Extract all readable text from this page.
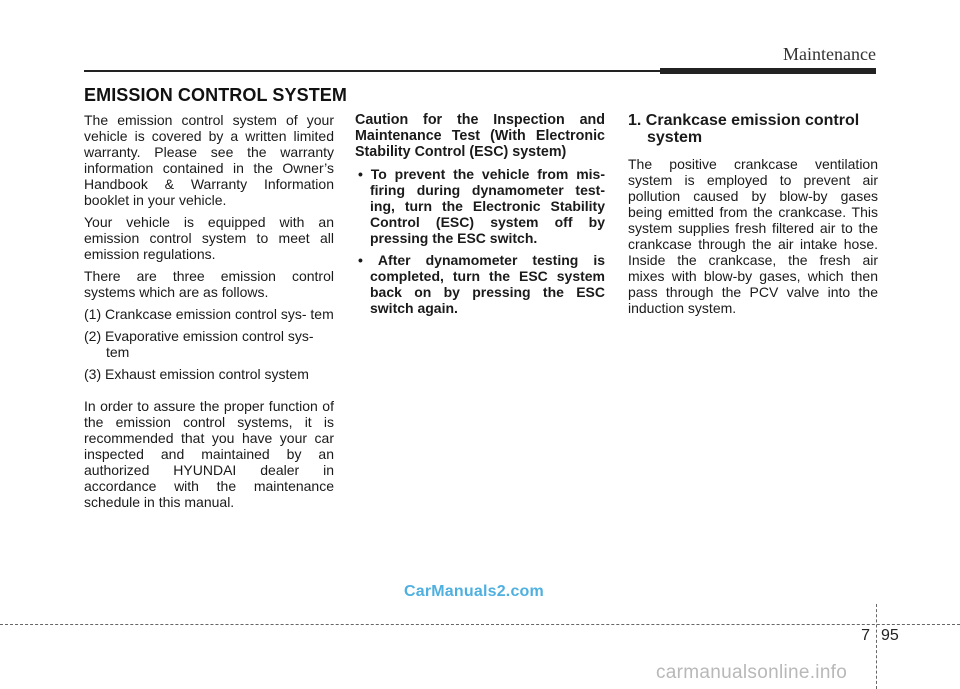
Maintenance
EMISSION CONTROL SYSTEM

The emission control system of your vehicle is covered by a written limited warranty. Please see the warranty information contained in the Owner’s Handbook & Warranty Information booklet in your vehicle.

Your vehicle is equipped with an emission control system to meet all emission regulations.

There are three emission control systems which are as follows.

(1) Crankcase emission control sys- tem
(2) Evaporative emission control sys- tem
(3) Exhaust emission control system

In order to assure the proper function of the emission control systems, it is recommended that you have your car inspected and maintained by an authorized HYUNDAI dealer in accordance with the maintenance schedule in this manual.

Caution for the Inspection and Maintenance Test (With Electronic Stability Control (ESC) system)
• To prevent the vehicle from mis- firing during dynamometer test- ing, turn the Electronic Stability Control (ESC) system off by pressing the ESC switch.
• After dynamometer testing is completed, turn the ESC system back on by pressing the ESC switch again.
1. Crankcase emission control system

The positive crankcase ventilation system is employed to prevent air pollution caused by blow-by gases being emitted from the crankcase. This system supplies fresh filtered air to the crankcase through the air intake hose. Inside the crankcase, the fresh air mixes with blow-by gases, which then pass through the PCV valve into the induction system.

CarManuals2.com
7 95
carmanualsonline.info
